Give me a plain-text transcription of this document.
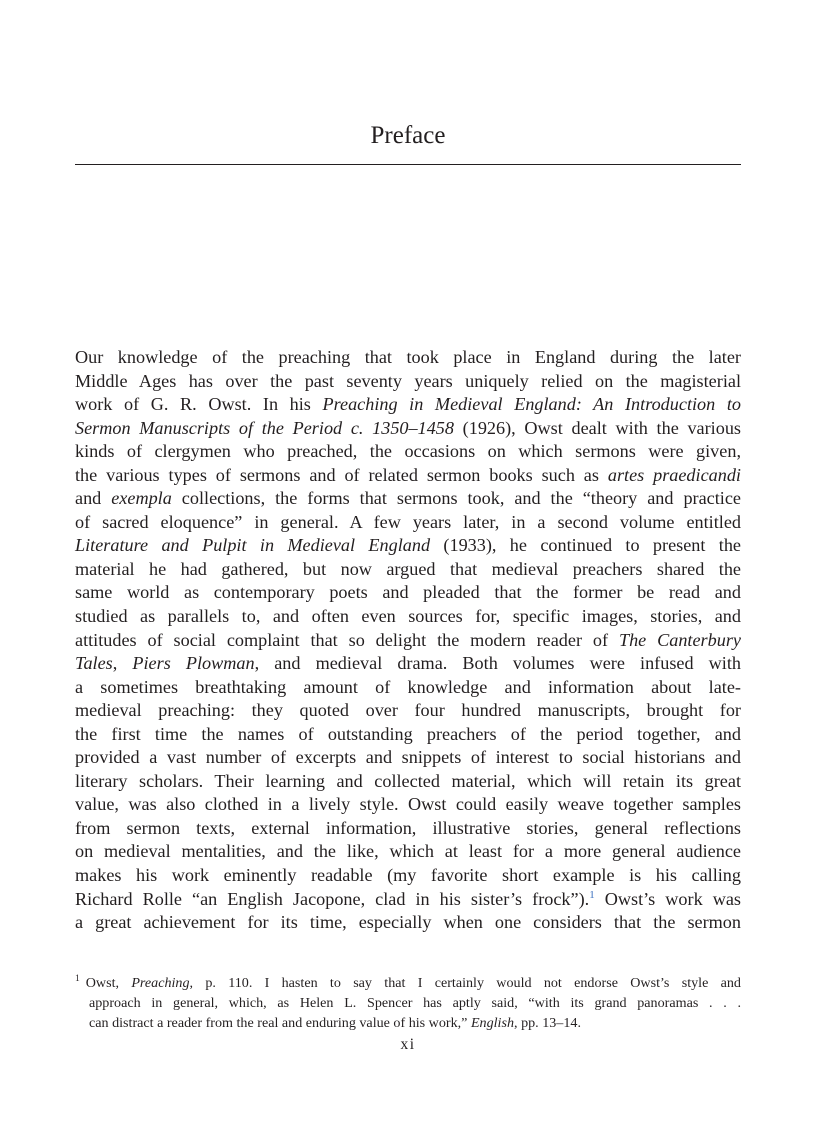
Preface
Our knowledge of the preaching that took place in England during the later
Middle Ages has over the past seventy years uniquely relied on the magisterial
work of G. R. Owst. In his Preaching in Medieval England: An Introduction to
Sermon Manuscripts of the Period c. 1350–1458 (1926), Owst dealt with the various
kinds of clergymen who preached, the occasions on which sermons were given,
the various types of sermons and of related sermon books such as artes praedicandi
and exempla collections, the forms that sermons took, and the “theory and practice
of sacred eloquence” in general. A few years later, in a second volume entitled
Literature and Pulpit in Medieval England (1933), he continued to present the
material he had gathered, but now argued that medieval preachers shared the
same world as contemporary poets and pleaded that the former be read and
studied as parallels to, and often even sources for, specific images, stories, and
attitudes of social complaint that so delight the modern reader of The Canterbury
Tales, Piers Plowman, and medieval drama. Both volumes were infused with
a sometimes breathtaking amount of knowledge and information about late-
medieval preaching: they quoted over four hundred manuscripts, brought for
the first time the names of outstanding preachers of the period together, and
provided a vast number of excerpts and snippets of interest to social historians and
literary scholars. Their learning and collected material, which will retain its great
value, was also clothed in a lively style. Owst could easily weave together samples
from sermon texts, external information, illustrative stories, general reflections
on medieval mentalities, and the like, which at least for a more general audience
makes his work eminently readable (my favorite short example is his calling
Richard Rolle “an English Jacopone, clad in his sister’s frock”).$^1$ Owst’s work was
a great achievement for its time, especially when one considers that the sermon
$^1$ Owst, Preaching, p. 110. I hasten to say that I certainly would not endorse Owst’s style and
approach in general, which, as Helen L. Spencer has aptly said, “with its grand panoramas . . .
can distract a reader from the real and enduring value of his work,” English, pp. 13–14.
xi
